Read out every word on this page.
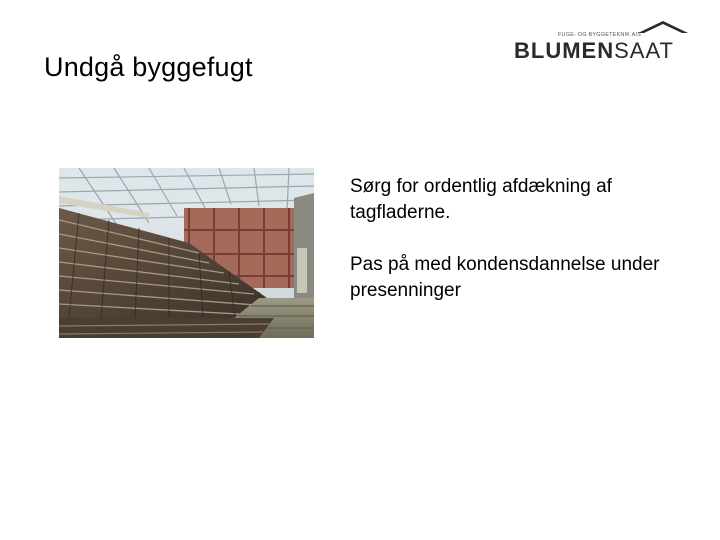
Undgå byggefugt
FUGE- OG BYGGETEKNIK A/S
BLUMENSAAT

Sørg for ordentlig afdækning af tagfladerne.

Pas på med kondensdannelse under presenninger
